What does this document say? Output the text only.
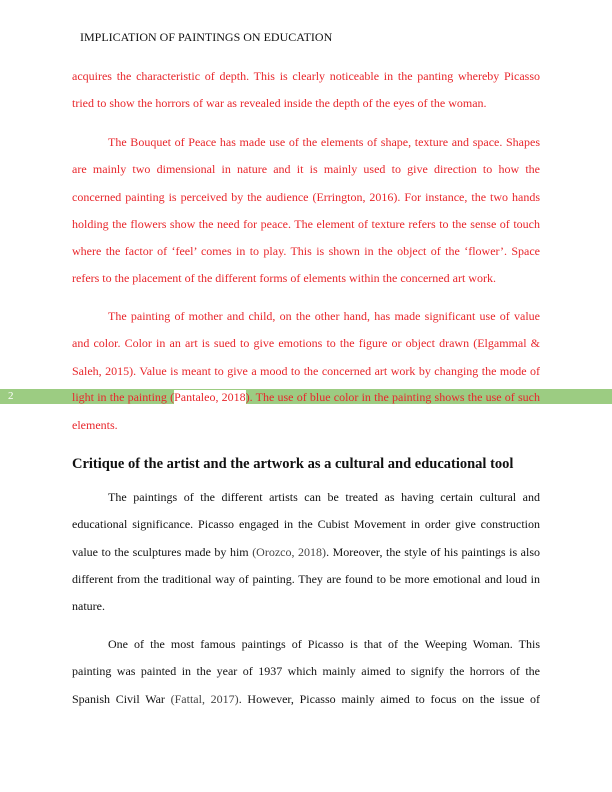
IMPLICATION OF PAINTINGS ON EDUCATION
acquires the characteristic of depth. This is clearly noticeable in the panting whereby Picasso
tried to show the horrors of war as revealed inside the depth of the eyes of the woman.
The Bouquet of Peace has made use of the elements of shape, texture and space. Shapes
are mainly two dimensional in nature and it is mainly used to give direction to how the
concerned painting is perceived by the audience (Errington, 2016). For instance, the two hands
holding the flowers show the need for peace. The element of texture refers to the sense of touch
where the factor of ‘feel’ comes in to play. This is shown in the object of the ‘flower’. Space
refers to the placement of the different forms of elements within the concerned art work.
The painting of mother and child, on the other hand, has made significant use of value
and color. Color in an art is sued to give emotions to the figure or object drawn (Elgammal &
Saleh, 2015). Value is meant to give a mood to the concerned art work by changing the mode of
2	light in the painting (Pantaleo, 2018). The use of blue color in the painting shows the use of such
elements.
Critique of the artist and the artwork as a cultural and educational tool
The paintings of the different artists can be treated as having certain cultural and
educational significance. Picasso engaged in the Cubist Movement in order give construction
value to the sculptures made by him (Orozco, 2018). Moreover, the style of his paintings is also
different from the traditional way of painting. They are found to be more emotional and loud in
nature.
One of the most famous paintings of Picasso is that of the Weeping Woman. This
painting was painted in the year of 1937 which mainly aimed to signify the horrors of the
Spanish Civil War (Fattal, 2017). However, Picasso mainly aimed to focus on the issue of
